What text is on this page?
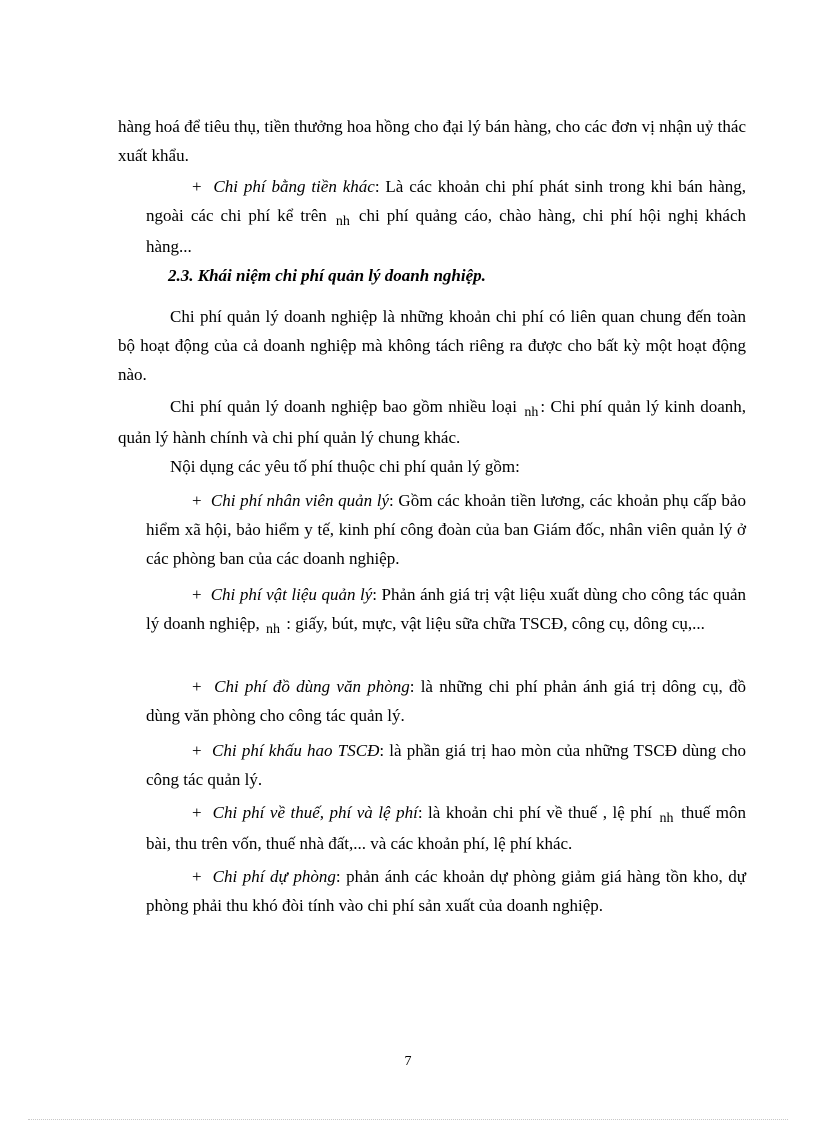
hàng hoá để tiêu thụ, tiền thưởng hoa hồng cho đại lý bán hàng, cho các đơn vị nhận uỷ thác xuất khẩu.

+ Chi phí bằng tiền khác: Là các khoản chi phí phát sinh trong khi bán hàng, ngoài các chi phí kể trên $_{nh}$ chi phí quảng cáo, chào hàng, chi phí hội nghị khách hàng...

2.3. Khái niệm chi phí quản lý doanh nghiệp.

Chi phí quản lý doanh nghiệp là những khoản chi phí có liên quan chung đến toàn bộ hoạt động của cả doanh nghiệp mà không tách riêng ra được cho bất kỳ một hoạt động nào.

Chi phí quản lý doanh nghiệp bao gồm nhiều loại $_{nh}$ : Chi phí quản lý kinh doanh, quản lý hành chính và chi phí quản lý chung khác.

Nội dụng các yêu tố phí thuộc chi phí quản lý gồm:

+ Chi phí nhân viên quản lý: Gồm các khoản tiền lương, các khoản phụ cấp bảo hiểm xã hội, bảo hiểm y tế, kinh phí công đoàn của ban Giám đốc, nhân viên quản lý ở các phòng ban của các doanh nghiệp.

+ Chi phí vật liệu quản lý: Phản ánh giá trị vật liệu xuất dùng cho công tác quản lý doanh nghiệp, $_{nh}$ : giấy, bút, mực, vật liệu sữa chữa TSCĐ, công cụ, dông cụ,...

+ Chi phí đồ dùng văn phòng: là những chi phí phản ánh giá trị dông cụ, đồ dùng văn phòng cho công tác quản lý.

+ Chi phí khấu hao TSCĐ: là phần giá trị hao mòn của những TSCĐ dùng cho công tác quản lý.

+ Chi phí về thuế, phí và lệ phí: là khoản chi phí về thuế , lệ phí $_{nh}$ thuế môn bài, thu trên vốn, thuế nhà đất,... và các khoản phí, lệ phí khác.

+ Chi phí dự phòng: phản ánh các khoản dự phòng giảm giá hàng tồn kho, dự phòng phải thu khó đòi tính vào chi phí sản xuất của doanh nghiệp.

7
